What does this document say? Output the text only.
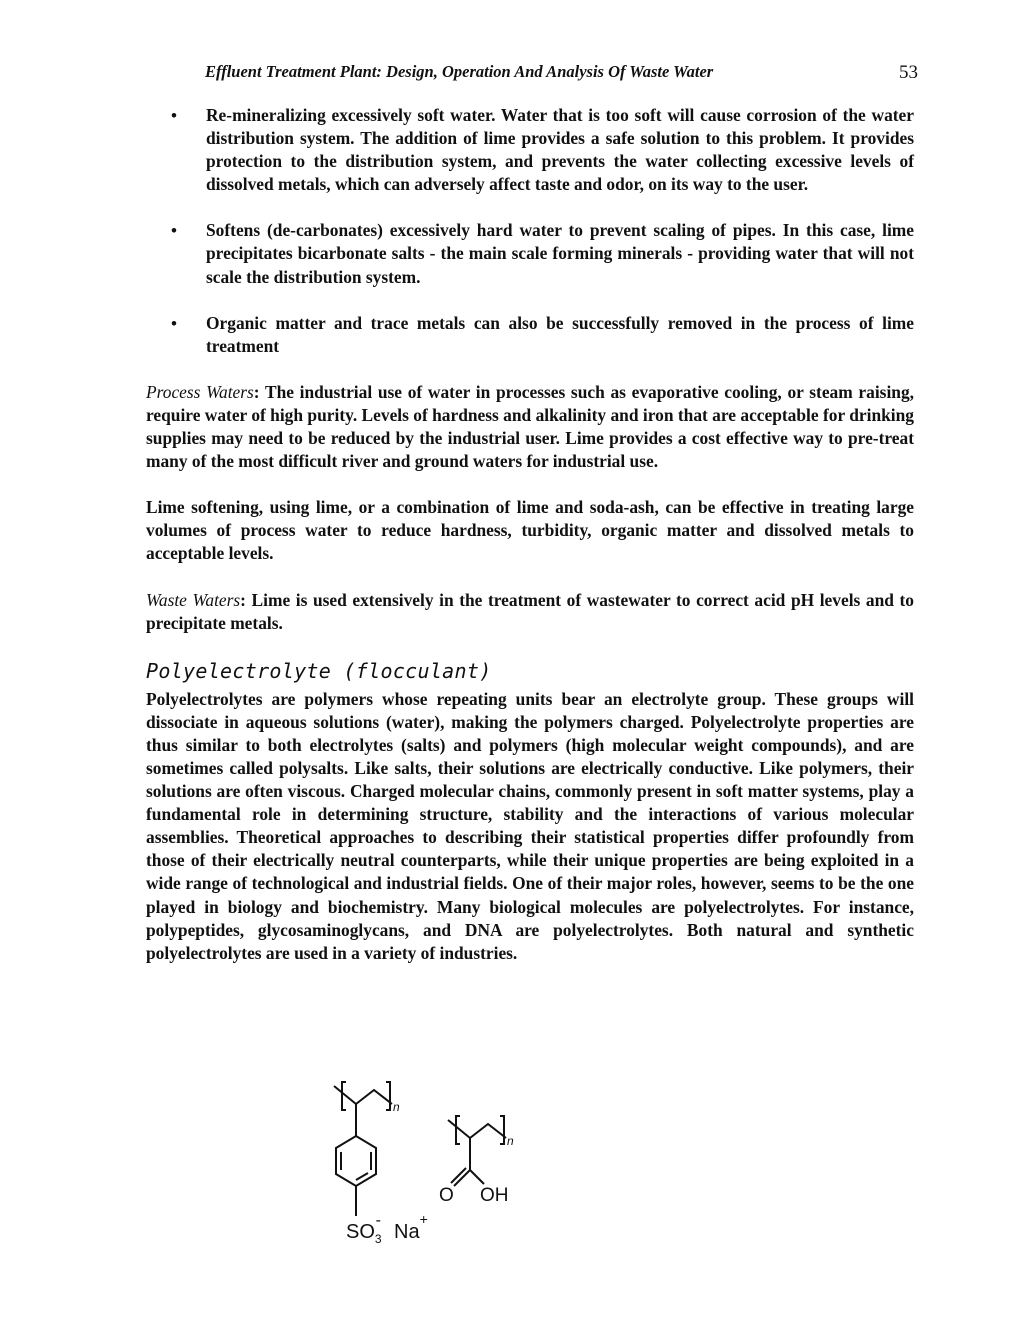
Effluent Treatment Plant: Design, Operation And Analysis Of Waste Water	53
• Re-mineralizing excessively soft water. Water that is too soft will cause corrosion of the water distribution system. The addition of lime provides a safe solution to this problem. It provides protection to the distribution system, and prevents the water collecting excessive levels of dissolved metals, which can adversely affect taste and odor, on its way to the user.
• Softens (de-carbonates) excessively hard water to prevent scaling of pipes. In this case, lime precipitates bicarbonate salts - the main scale forming minerals - providing water that will not scale the distribution system.
• Organic matter and trace metals can also be successfully removed in the process of lime treatment

Process Waters: The industrial use of water in processes such as evaporative cooling, or steam raising, require water of high purity. Levels of hardness and alkalinity and iron that are acceptable for drinking supplies may need to be reduced by the industrial user. Lime provides a cost effective way to pre-treat many of the most difficult river and ground waters for industrial use.

Lime softening, using lime, or a combination of lime and soda-ash, can be effective in treating large volumes of process water to reduce hardness, turbidity, organic matter and dissolved metals to acceptable levels.

Waste Waters: Lime is used extensively in the treatment of wastewater to correct acid pH levels and to precipitate metals.

Polyelectrolyte (flocculant)

Polyelectrolytes are polymers whose repeating units bear an electrolyte group. These groups will dissociate in aqueous solutions (water), making the polymers charged. Polyelectrolyte properties are thus similar to both electrolytes (salts) and polymers (high molecular weight compounds), and are sometimes called polysalts. Like salts, their solutions are electrically conductive. Like polymers, their solutions are often viscous. Charged molecular chains, commonly present in soft matter systems, play a fundamental role in determining structure, stability and the interactions of various molecular assemblies. Theoretical approaches to describing their statistical properties differ profoundly from those of their electrically neutral counterparts, while their unique properties are being exploited in a wide range of technological and industrial fields. One of their major roles, however, seems to be the one played in biology and biochemistry. Many biological molecules are polyelectrolytes. For instance, polypeptides, glycosaminoglycans, and DNA are polyelectrolytes. Both natural and synthetic polyelectrolytes are used in a variety of industries.

n
$SO_3-$
Na+
n
O OH
